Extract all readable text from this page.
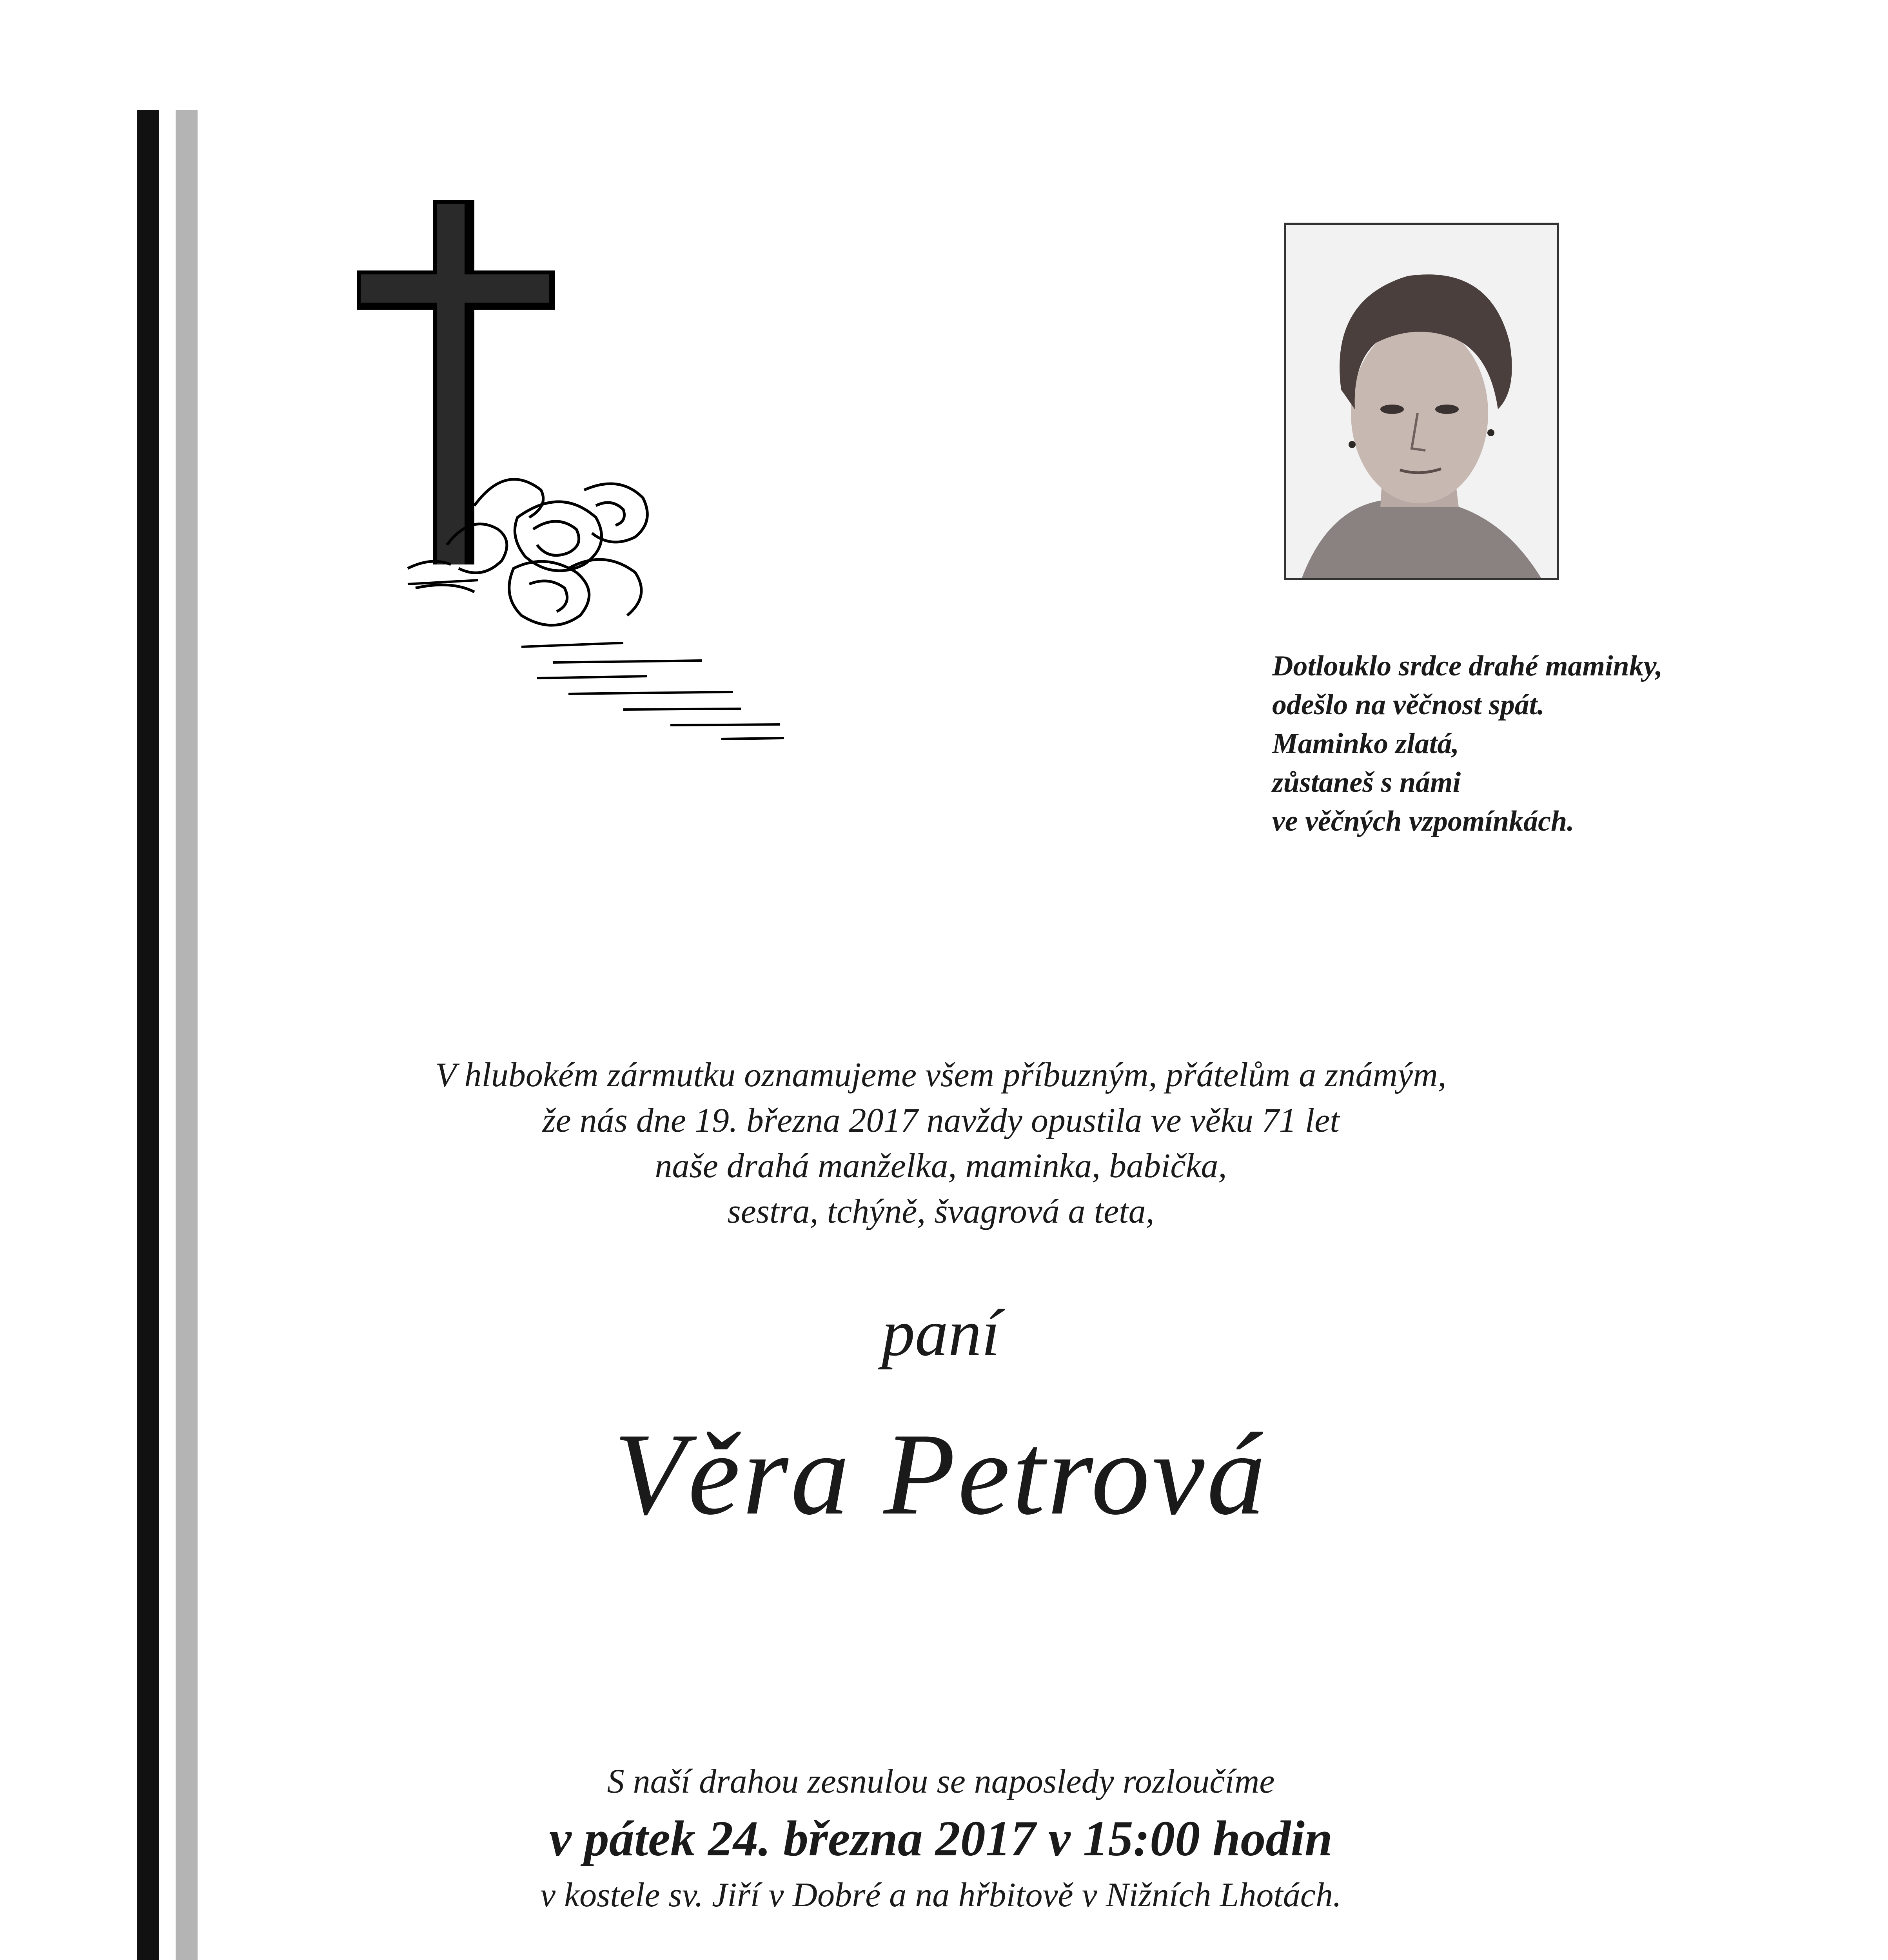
Dotlouklo srdce drahé maminky,
odešlo na věčnost spát.
Maminko zlatá,
zůstaneš s námi
ve věčných vzpomínkách.
V hlubokém zármutku oznamujeme všem příbuzným, přátelům a známým,
že nás dne 19. března 2017 navždy opustila ve věku 71 let
naše drahá manželka, maminka, babička,
sestra, tchýně, švagrová a teta,
paní
Věra Petrová
S naší drahou zesnulou se naposledy rozloučíme
v pátek 24. března 2017 v 15:00 hodin
v kostele sv. Jiří v Dobré a na hřbitově v Nižních Lhotách.
